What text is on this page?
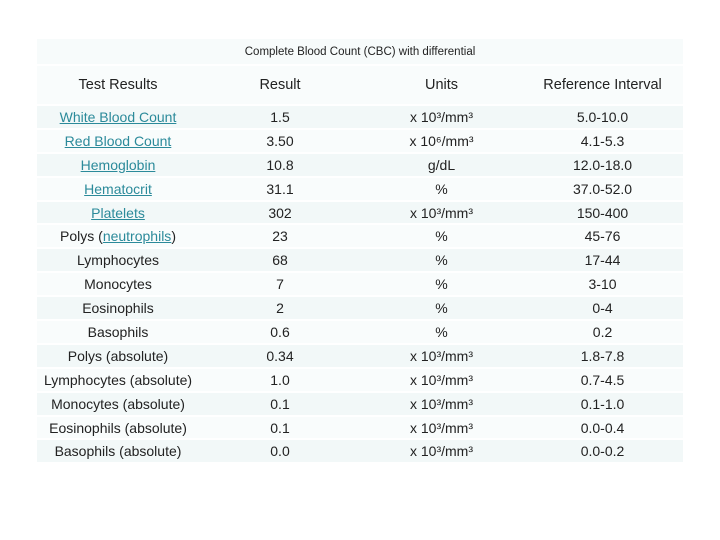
Complete Blood Count (CBC) with differential			
Test Results	Result	Units	Reference Interval
White Blood Count	1.5	x 10³/mm³	5.0-10.0
Red Blood Count	3.50	x 10⁶/mm³	4.1-5.3
Hemoglobin	10.8	g/dL	12.0-18.0
Hematocrit	31.1	%	37.0-52.0
Platelets	302	x 10³/mm³	150-400
Polys (neutrophils)	23	%	45-76
Lymphocytes	68	%	17-44
Monocytes	7	%	3-10
Eosinophils	2	%	0-4
Basophils	0.6	%	0.2
Polys (absolute)	0.34	x 10³/mm³	1.8-7.8
Lymphocytes (absolute)	1.0	x 10³/mm³	0.7-4.5
Monocytes (absolute)	0.1	x 10³/mm³	0.1-1.0
Eosinophils (absolute)	0.1	x 10³/mm³	0.0-0.4
Basophils (absolute)	0.0	x 10³/mm³	0.0-0.2
